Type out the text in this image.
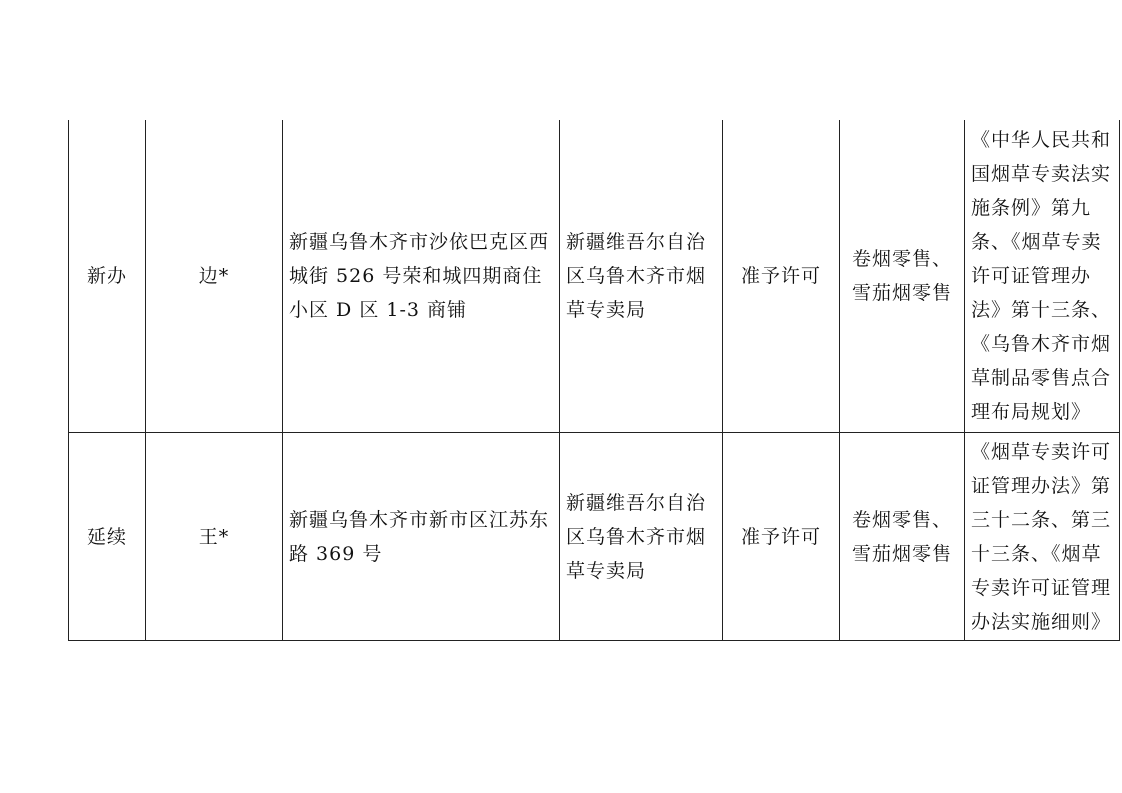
新办	边*	新疆乌鲁木齐市沙依巴克区西城街 526 号荣和城四期商住小区 D 区 1-3 商铺	新疆维吾尔自治区乌鲁木齐市烟草专卖局	准予许可	卷烟零售、雪茄烟零售	《中华人民共和国烟草专卖法实施条例》第九条、《烟草专卖许可证管理办法》第十三条、《乌鲁木齐市烟草制品零售点合理布局规划》

延续	王*	新疆乌鲁木齐市新市区江苏东路 369 号	新疆维吾尔自治区乌鲁木齐市烟草专卖局	准予许可	卷烟零售、雪茄烟零售	《烟草专卖许可证管理办法》第三十二条、第三十三条、《烟草专卖许可证管理办法实施细则》
